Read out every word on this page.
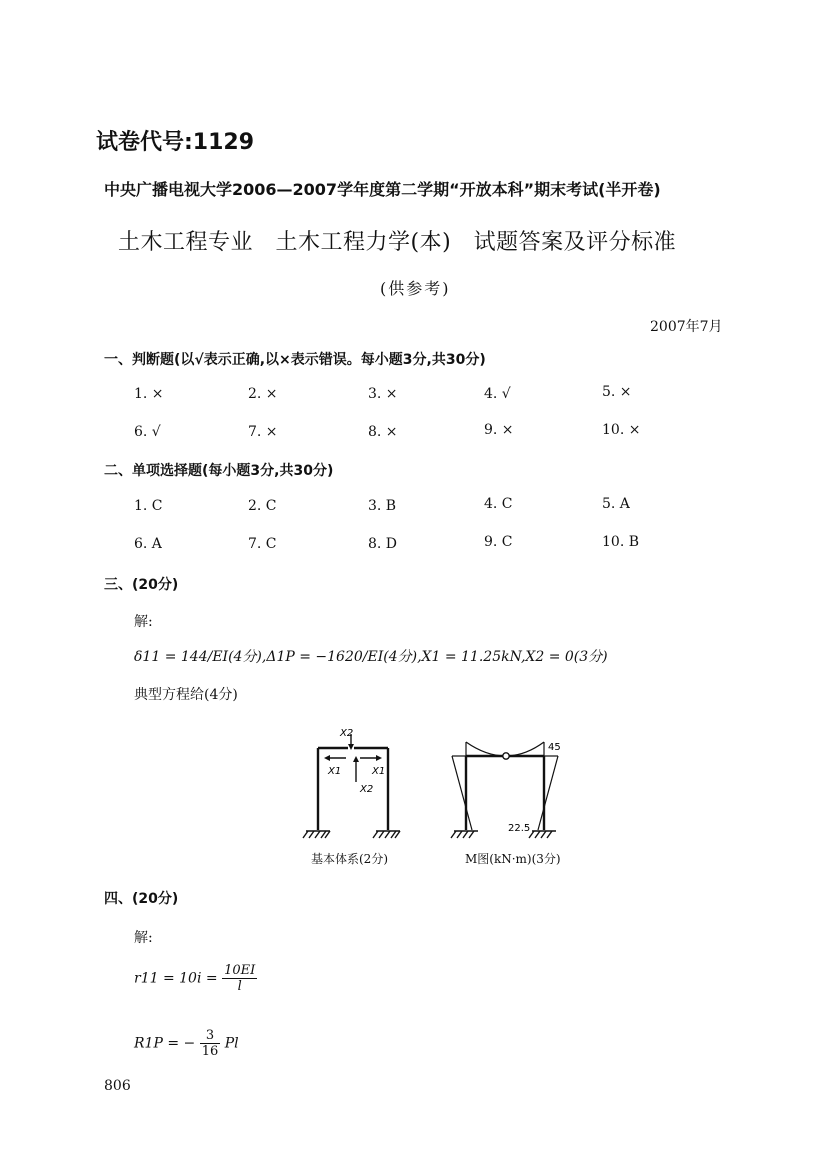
试卷代号:1129
中央广播电视大学2006—2007学年度第二学期“开放本科”期末考试(半开卷)
土木工程专业　土木工程力学(本)　试题答案及评分标准
(供参考)
2007年7月
一、判断题(以√表示正确,以×表示错误。每小题3分,共30分)
1. ×	2. ×	3. ×	4. √	5. ×
6. √	7. ×	8. ×	9. ×	10. ×
二、单项选择题(每小题3分,共30分)
1. C	2. C	3. B	4. C	5. A
6. A	7. C	8. D	9. C	10. B
三、(20分)
解:
δ11 = 144/EI(4分),Δ1P = −1620/EI(4分),X1 = 11.25kN,X2 = 0(3分)
典型方程给(4分)
X2
X2
X1	X1
基本体系(2分)
45
22.5
M图(kN·m)(3分)
四、(20分)
解:
$r11 = 10i = \frac{10EI}{l}$
R1P = − $\frac{3}{16}$ Pl
806
